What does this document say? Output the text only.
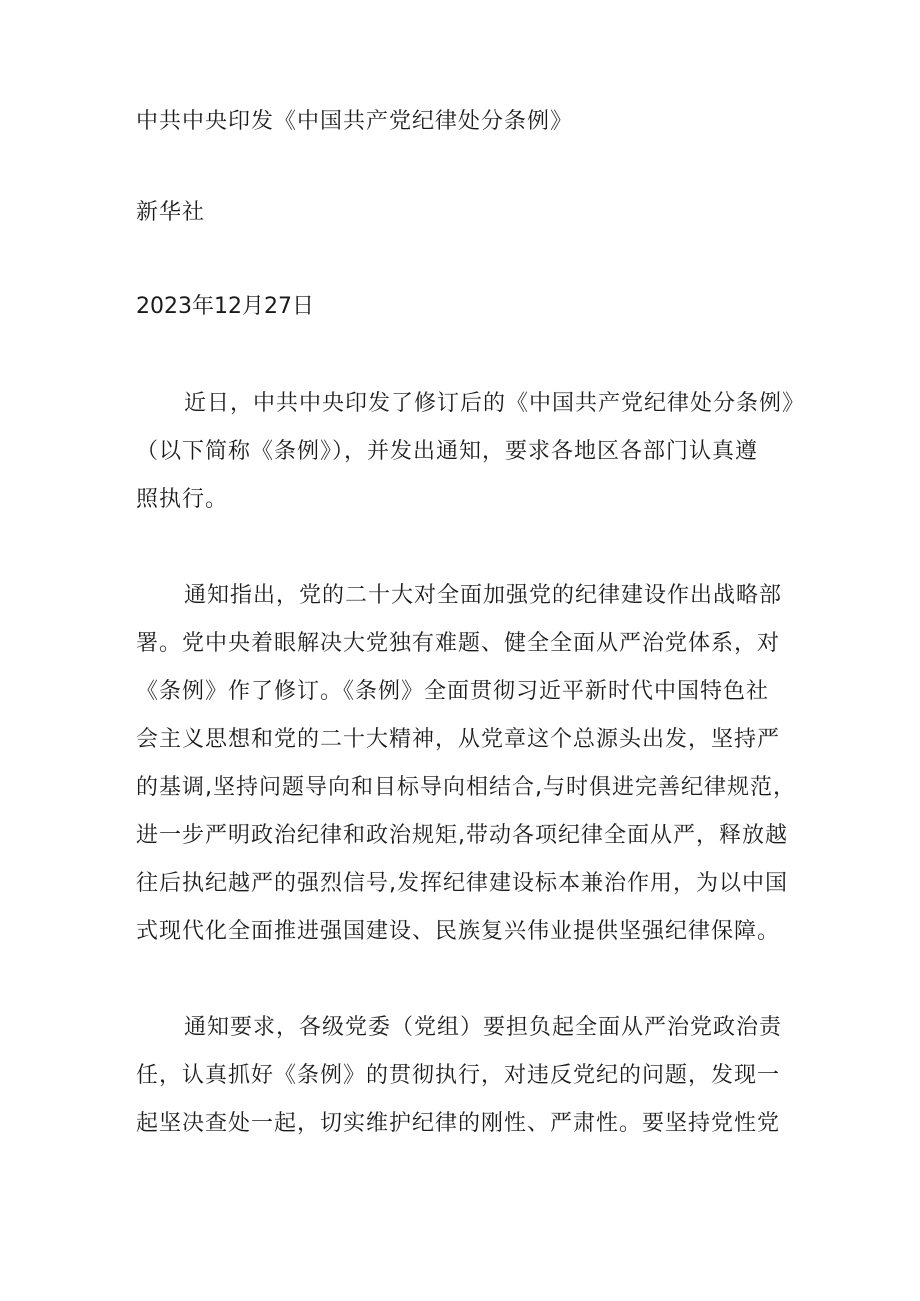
中共中央印发《中国共产党纪律处分条例》
新华社
2023年12月27日
近日，中共中央印发了修订后的《中国共产党纪律处分条例》
（以下简称《条例》），并发出通知，要求各地区各部门认真遵
照执行。
通知指出，党的二十大对全面加强党的纪律建设作出战略部
署。党中央着眼解决大党独有难题、健全全面从严治党体系，对
《条例》作了修订。《条例》全面贯彻习近平新时代中国特色社
会主义思想和党的二十大精神，从党章这个总源头出发，坚持严
的基调,坚持问题导向和目标导向相结合,与时俱进完善纪律规范，
进一步严明政治纪律和政治规矩,带动各项纪律全面从严，释放越
往后执纪越严的强烈信号,发挥纪律建设标本兼治作用，为以中国
式现代化全面推进强国建设、民族复兴伟业提供坚强纪律保障。
通知要求，各级党委（党组）要担负起全面从严治党政治责
任，认真抓好《条例》的贯彻执行，对违反党纪的问题，发现一
起坚决查处一起，切实维护纪律的刚性、严肃性。要坚持党性党
